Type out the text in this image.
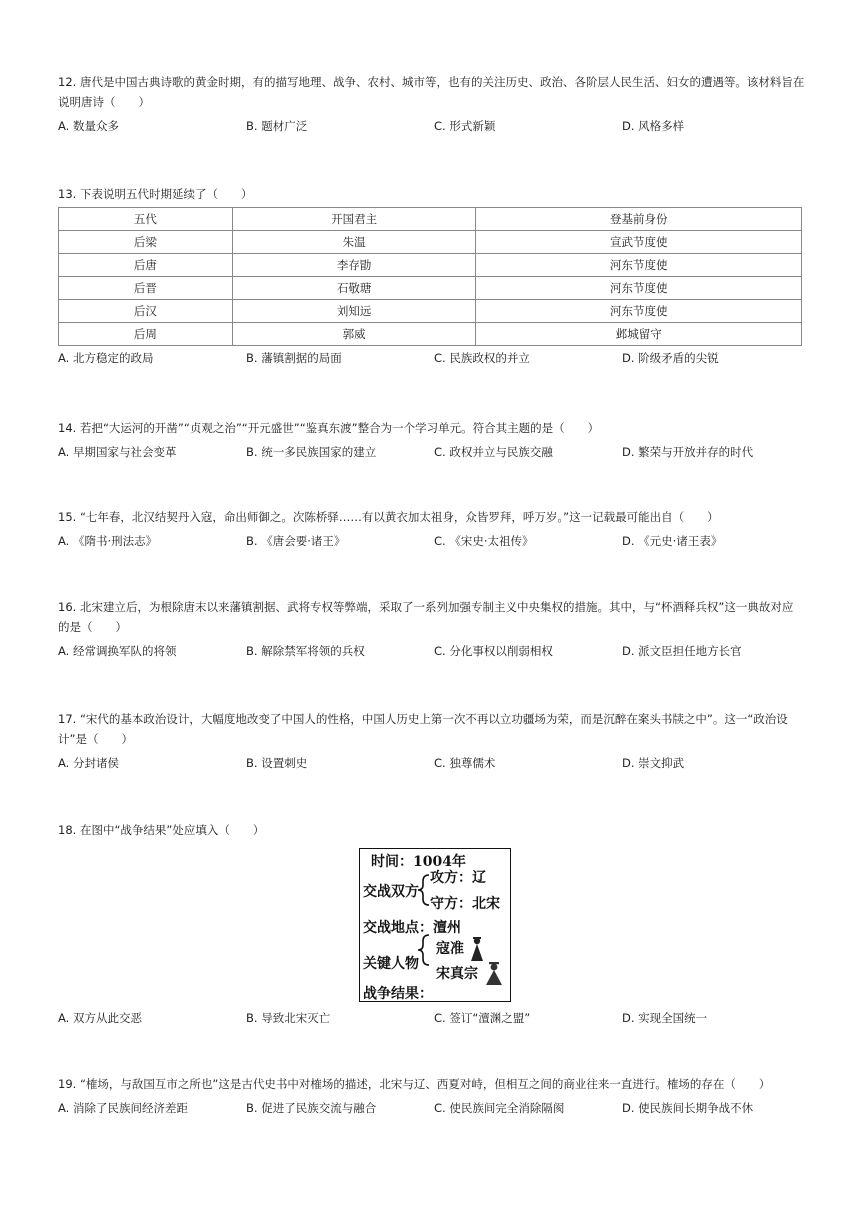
12. 唐代是中国古典诗歌的黄金时期，有的描写地理、战争、农村、城市等，也有的关注历史、政治、各阶层人民生活、妇女的遭遇等。该材料旨在
说明唐诗（　　）

A. 数量众多	B. 题材广泛	C. 形式新颖	D. 风格多样

13. 下表说明五代时期延续了（　　）

五代	开国君主	登基前身份
后梁	朱温	宣武节度使
后唐	李存勖	河东节度使
后晋	石敬瑭	河东节度使
后汉	刘知远	河东节度使
后周	郭威	邺城留守
A. 北方稳定的政局	B. 藩镇割据的局面	C. 民族政权的并立	D. 阶级矛盾的尖锐

14. 若把“大运河的开凿”“贞观之治”“开元盛世”“鉴真东渡”整合为一个学习单元。符合其主题的是（　　）

A. 早期国家与社会变革	B. 统一多民族国家的建立	C. 政权并立与民族交融	D. 繁荣与开放并存的时代

15. “七年春，北汉结契丹入寇，命出师御之。次陈桥驿……有以黄衣加太祖身，众皆罗拜，呼万岁。”这一记载最可能出自（　　）

A. 《隋书·刑法志》	B. 《唐会要·诸王》	C. 《宋史·太祖传》	D. 《元史·诸王表》

16. 北宋建立后，为根除唐末以来藩镇割据、武将专权等弊端，采取了一系列加强专制主义中央集权的措施。其中，与“杯酒释兵权”这一典故对应
的是（　　）

A. 经常调换军队的将领	B. 解除禁军将领的兵权	C. 分化事权以削弱相权	D. 派文臣担任地方长官

17. “宋代的基本政治设计，大幅度地改变了中国人的性格，中国人历史上第一次不再以立功疆场为荣，而是沉醉在案头书牍之中”。这一“政治设
计”是（　　）

A. 分封诸侯	B. 设置刺史	C. 独尊儒术	D. 崇文抑武

18. 在图中“战争结果”处应填入（　　）

时间：1004年
交战双方
攻方：辽
守方：北宋
交战地点：澶州
关键人物
寇准
宋真宗
战争结果：
A. 双方从此交恶	B. 导致北宋灭亡	C. 签订“澶渊之盟”	D. 实现全国统一

19. “榷场，与敌国互市之所也”这是古代史书中对榷场的描述，北宋与辽、西夏对峙，但相互之间的商业往来一直进行。榷场的存在（　　）

A. 消除了民族间经济差距	B. 促进了民族交流与融合	C. 使民族间完全消除隔阂	D. 使民族间长期争战不休
